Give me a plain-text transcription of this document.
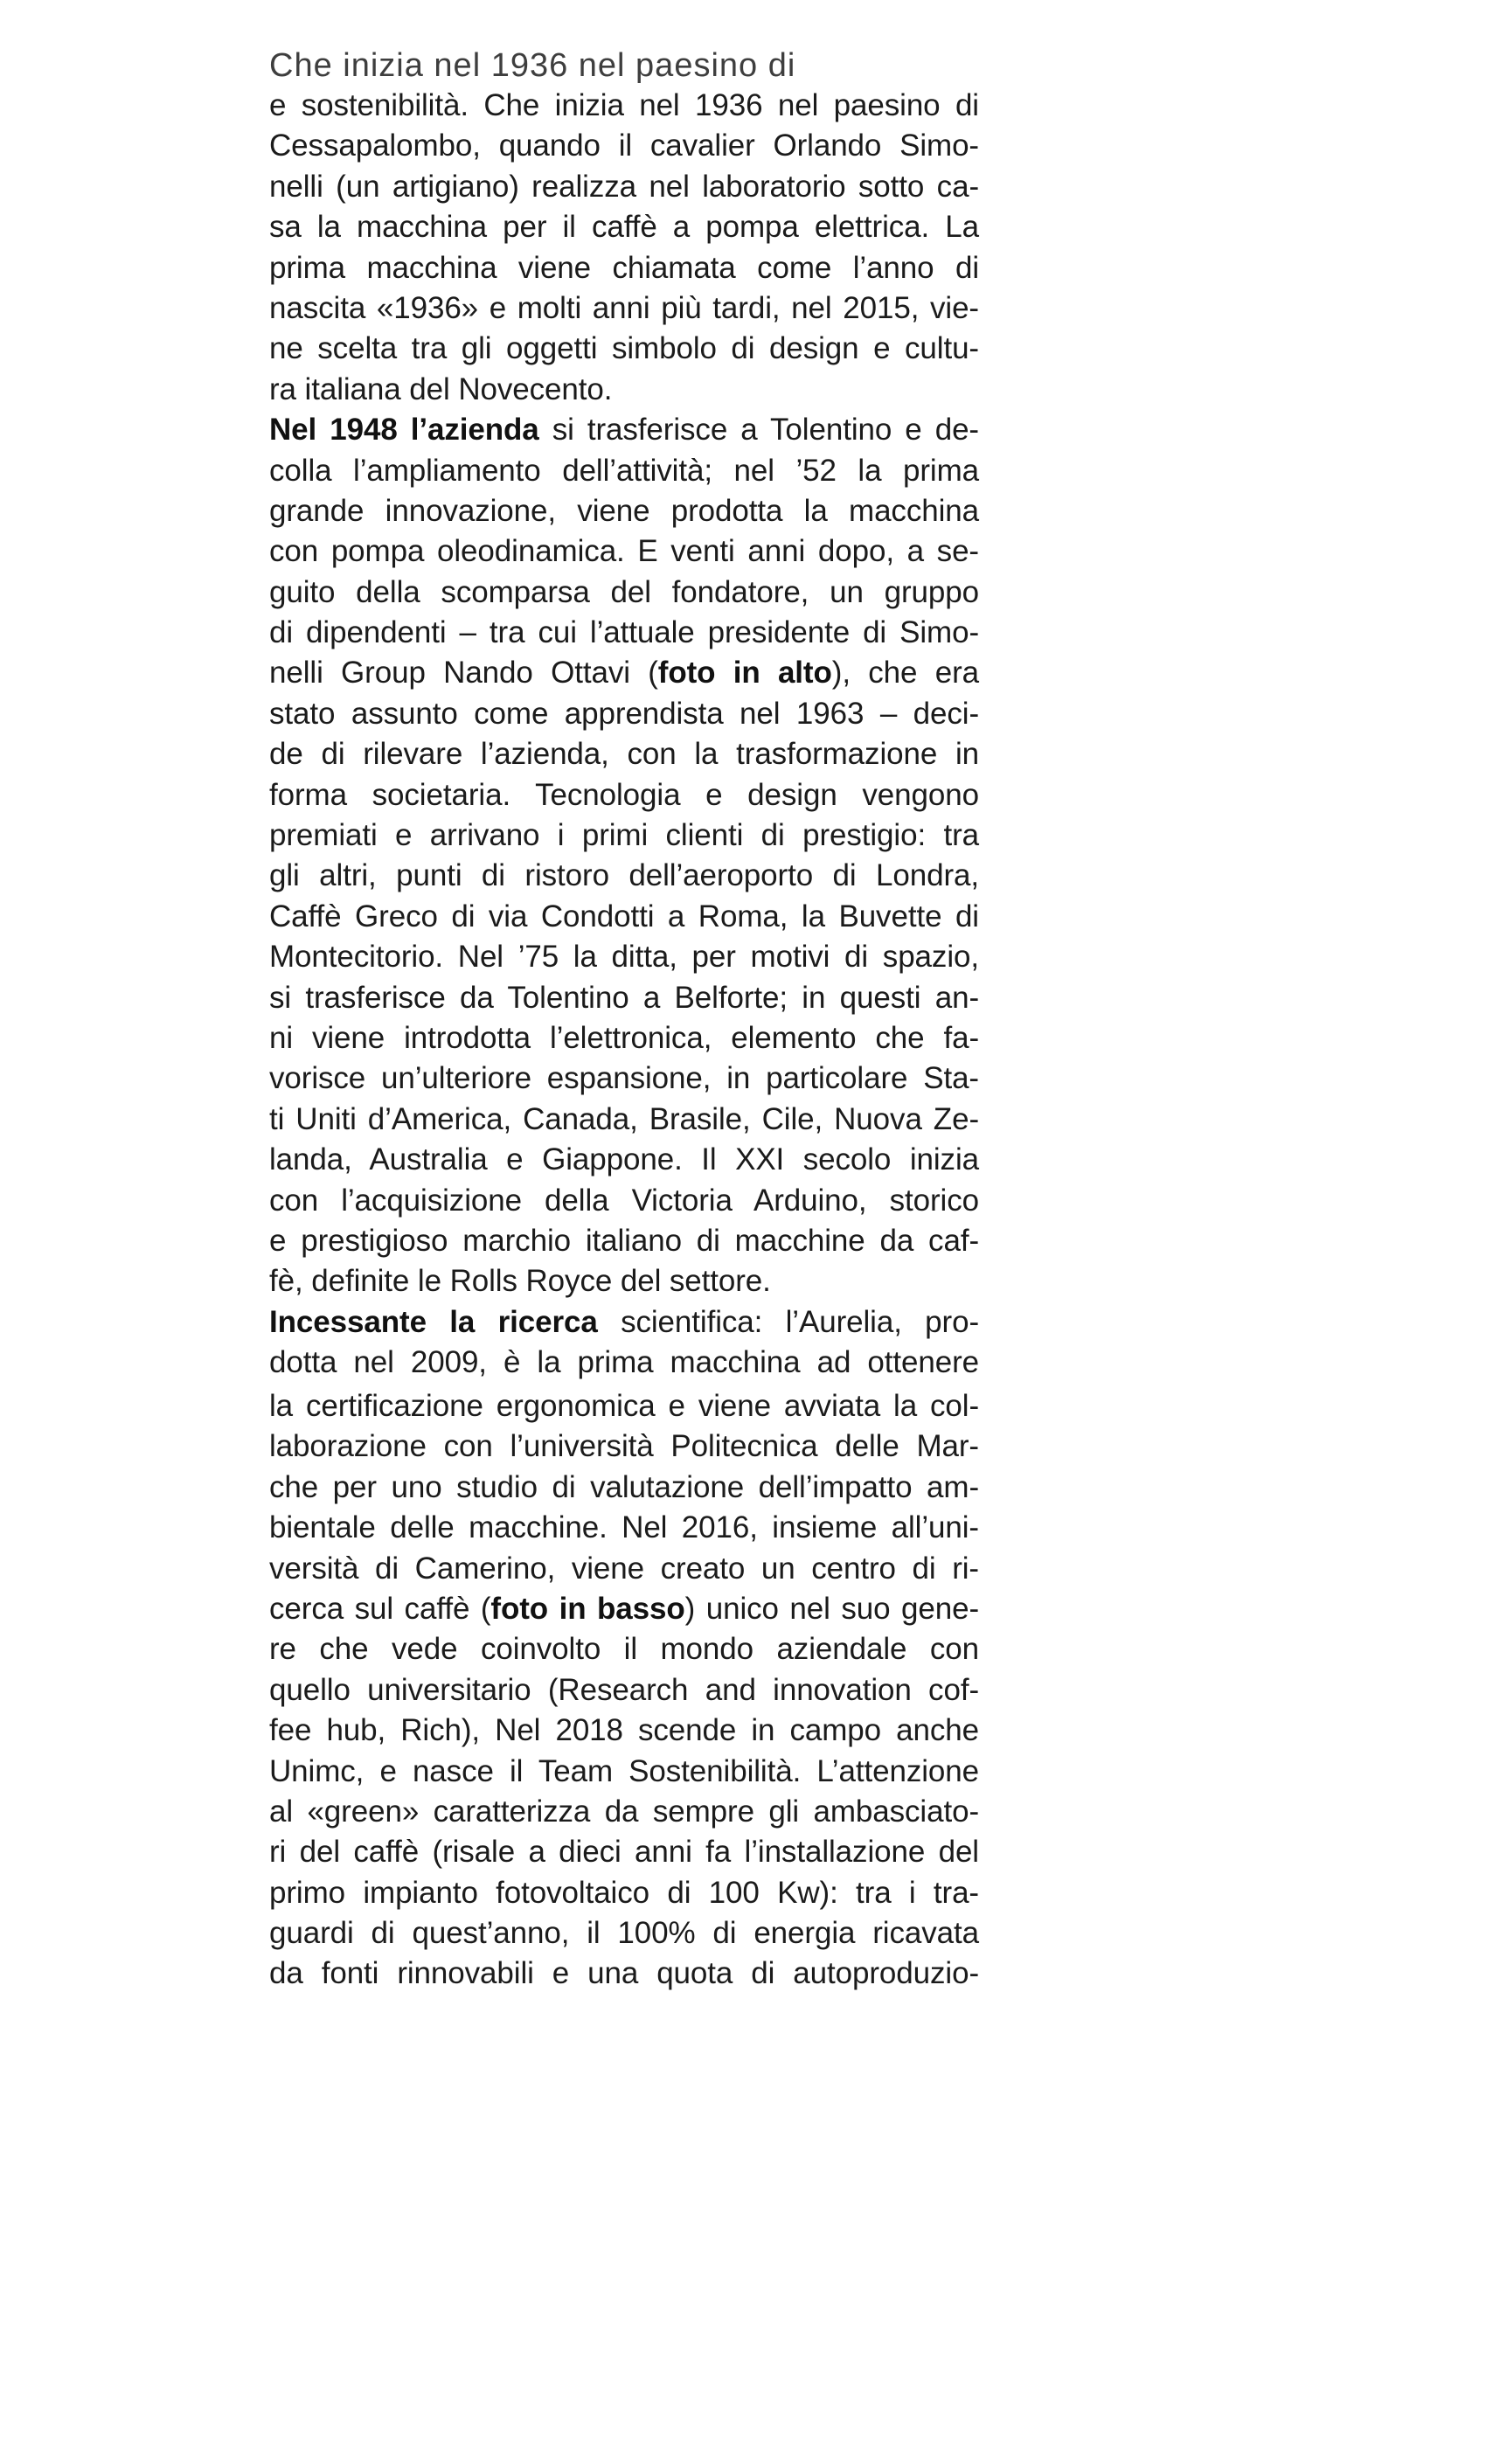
Che inizia nel 1936 nel paesino di

e sostenibilità. Che inizia nel 1936 nel paesino di
Cessapalombo, quando il cavalier Orlando Simo-
nelli (un artigiano) realizza nel laboratorio sotto ca-
sa la macchina per il caffè a pompa elettrica. La
prima macchina viene chiamata come l’anno di
nascita «1936» e molti anni più tardi, nel 2015, vie-
ne scelta tra gli oggetti simbolo di design e cultu-
ra italiana del Novecento.

Nel 1948 l’azienda si trasferisce a Tolentino e de-
colla l’ampliamento dell’attività; nel ’52 la prima
grande innovazione, viene prodotta la macchina
con pompa oleodinamica. E venti anni dopo, a se-
guito della scomparsa del fondatore, un gruppo
di dipendenti – tra cui l’attuale presidente di Simo-
nelli Group Nando Ottavi (foto in alto), che era
stato assunto come apprendista nel 1963 – deci-
de di rilevare l’azienda, con la trasformazione in
forma societaria. Tecnologia e design vengono
premiati e arrivano i primi clienti di prestigio: tra
gli altri, punti di ristoro dell’aeroporto di Londra,
Caffè Greco di via Condotti a Roma, la Buvette di
Montecitorio. Nel ’75 la ditta, per motivi di spazio,
si trasferisce da Tolentino a Belforte; in questi an-
ni viene introdotta l’elettronica, elemento che fa-
vorisce un’ulteriore espansione, in particolare Sta-
ti Uniti d’America, Canada, Brasile, Cile, Nuova Ze-
landa, Australia e Giappone. Il XXI secolo inizia
con l’acquisizione della Victoria Arduino, storico
e prestigioso marchio italiano di macchine da caf-
fè, definite le Rolls Royce del settore.

Incessante la ricerca scientifica: l’Aurelia, pro-
dotta nel 2009, è la prima macchina ad ottenere

la certificazione ergonomica e viene avviata la col-
laborazione con l’università Politecnica delle Mar-
che per uno studio di valutazione dell’impatto am-
bientale delle macchine. Nel 2016, insieme all’uni-
versità di Camerino, viene creato un centro di ri-
cerca sul caffè (foto in basso) unico nel suo gene-
re che vede coinvolto il mondo aziendale con
quello universitario (Research and innovation cof-
fee hub, Rich), Nel 2018 scende in campo anche
Unimc, e nasce il Team Sostenibilità. L’attenzione
al «green» caratterizza da sempre gli ambasciato-
ri del caffè (risale a dieci anni fa l’installazione del
primo impianto fotovoltaico di 100 Kw): tra i tra-
guardi di quest’anno, il 100% di energia ricavata
da fonti rinnovabili e una quota di autoproduzio-
